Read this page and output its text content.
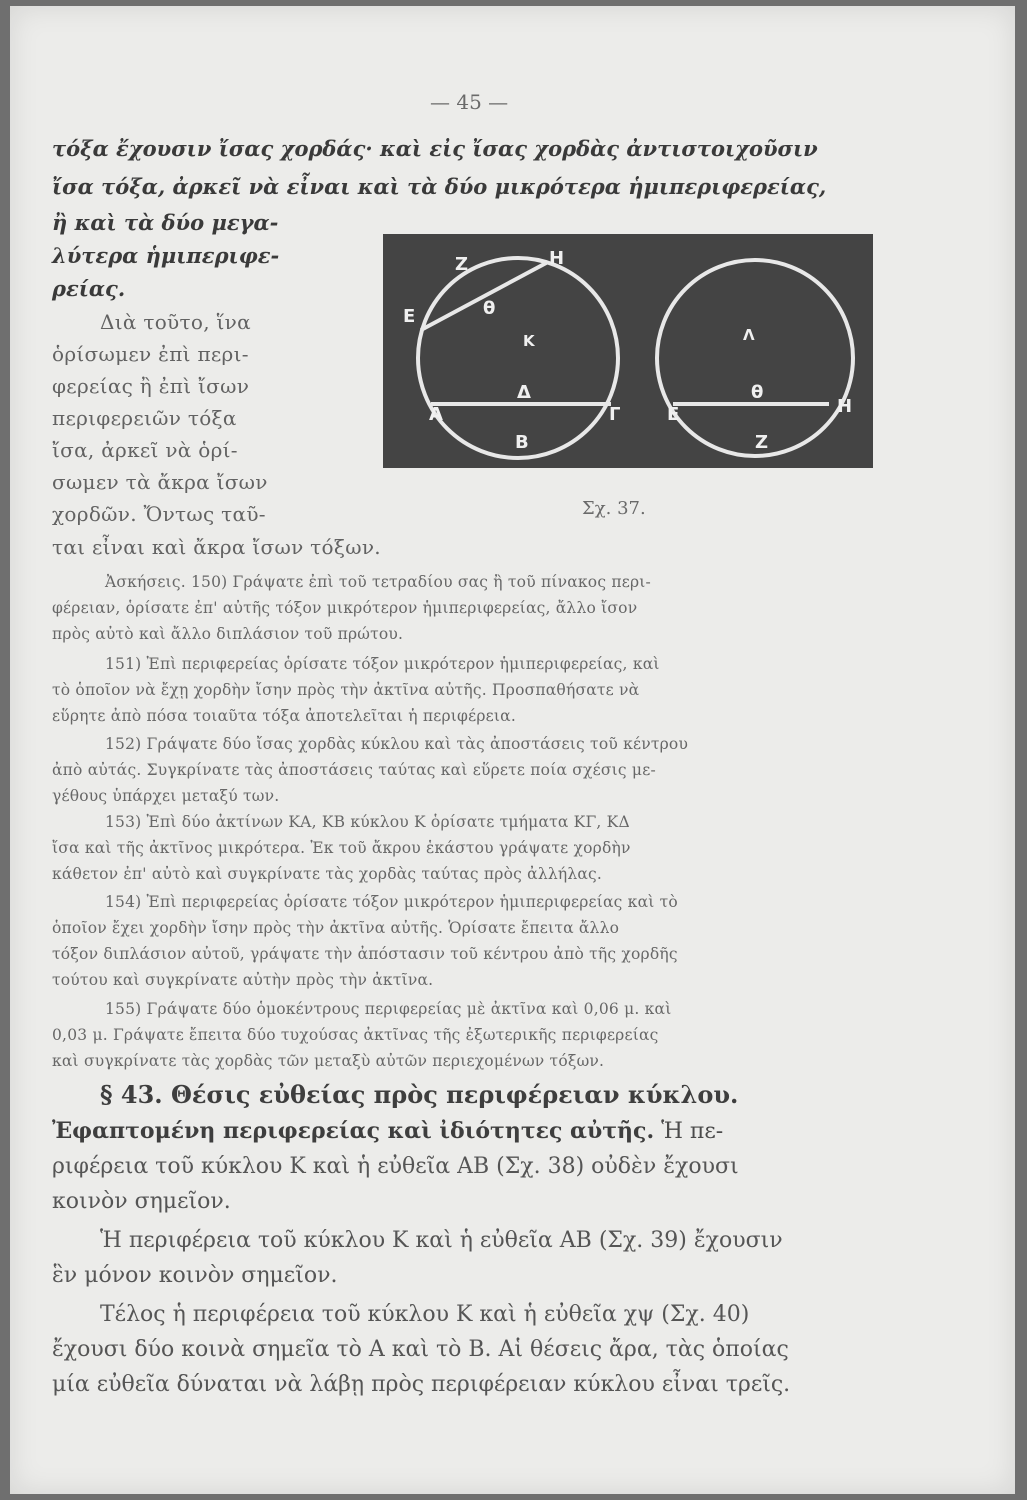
— 45 —
τόξα ἔχουσιν ἴσας χορδάς· καὶ εἰς ἴσας χορδὰς ἀντιστοιχοῦσιν
ἴσα τόξα, ἀρκεῖ νὰ εἶναι καὶ τὰ δύο μικρότερα ἡμιπεριφερείας,
ἢ καὶ τὰ δύο μεγα-
λύτερα ἡμιπεριφε-
ρείας.
Διὰ τοῦτο, ἵνα
ὁρίσωμεν ἐπὶ περι-
φερείας ἢ ἐπὶ ἴσων
περιφερειῶν τόξα
ἴσα, ἀρκεῖ νὰ ὁρί-
σωμεν τὰ ἄκρα ἴσων
χορδῶν. Ὄντως ταῦ-
ται εἶναι καὶ ἄκρα ἴσων τόξων.
Z	H
E	θ
K
Δ
A	Γ
B
Λ
E
θ
H
Z
Σχ. 37.
Ἀσκήσεις. 150) Γράψατε ἐπὶ τοῦ τετραδίου σας ἢ τοῦ πίνακος περι-
φέρειαν, ὁρίσατε ἐπ' αὐτῆς τόξον μικρότερον ἡμιπεριφερείας, ἄλλο ἴσον
πρὸς αὐτὸ καὶ ἄλλο διπλάσιον τοῦ πρώτου.
151) Ἐπὶ περιφερείας ὁρίσατε τόξον μικρότερον ἡμιπεριφερείας, καὶ
τὸ ὁποῖον νὰ ἔχῃ χορδὴν ἴσην πρὸς τὴν ἀκτῖνα αὐτῆς. Προσπαθήσατε νὰ
εὕρητε ἀπὸ πόσα τοιαῦτα τόξα ἀποτελεῖται ἡ περιφέρεια.
152) Γράψατε δύο ἴσας χορδὰς κύκλου καὶ τὰς ἀποστάσεις τοῦ κέντρου
ἀπὸ αὐτάς. Συγκρίνατε τὰς ἀποστάσεις ταύτας καὶ εὕρετε ποία σχέσις με-
γέθους ὑπάρχει μεταξύ των.
153) Ἐπὶ δύο ἀκτίνων ΚΑ, ΚΒ κύκλου Κ ὁρίσατε τμήματα ΚΓ, ΚΔ
ἴσα καὶ τῆς ἀκτῖνος μικρότερα. Ἐκ τοῦ ἄκρου ἑκάστου γράψατε χορδὴν
κάθετον ἐπ' αὐτὸ καὶ συγκρίνατε τὰς χορδὰς ταύτας πρὸς ἀλλήλας.
154) Ἐπὶ περιφερείας ὁρίσατε τόξον μικρότερον ἡμιπεριφερείας καὶ τὸ
ὁποῖον ἔχει χορδὴν ἴσην πρὸς τὴν ἀκτῖνα αὐτῆς. Ὁρίσατε ἔπειτα ἄλλο
τόξον διπλάσιον αὐτοῦ, γράψατε τὴν ἀπόστασιν τοῦ κέντρου ἀπὸ τῆς χορδῆς
τούτου καὶ συγκρίνατε αὐτὴν πρὸς τὴν ἀκτῖνα.
155) Γράψατε δύο ὁμοκέντρους περιφερείας μὲ ἀκτῖνα καὶ 0,06 μ. καὶ
0,03 μ. Γράψατε ἔπειτα δύο τυχούσας ἀκτῖνας τῆς ἐξωτερικῆς περιφερείας
καὶ συγκρίνατε τὰς χορδὰς τῶν μεταξὺ αὐτῶν περιεχομένων τόξων.
§ 43. Θέσις εὐθείας πρὸς περιφέρειαν κύκλου.
Ἐφαπτομένη περιφερείας καὶ ἰδιότητες αὐτῆς. Ἡ πε-
ριφέρεια τοῦ κύκλου Κ καὶ ἡ εὐθεῖα ΑΒ (Σχ. 38) οὐδὲν ἔχουσι
κοινὸν σημεῖον.
Ἡ περιφέρεια τοῦ κύκλου Κ καὶ ἡ εὐθεῖα ΑΒ (Σχ. 39) ἔχουσιν
ἓν μόνον κοινὸν σημεῖον.
Τέλος ἡ περιφέρεια τοῦ κύκλου Κ καὶ ἡ εὐθεῖα χψ (Σχ. 40)
ἔχουσι δύο κοινὰ σημεῖα τὸ Α καὶ τὸ Β. Αἱ θέσεις ἄρα, τὰς ὁποίας
μία εὐθεῖα δύναται νὰ λάβῃ πρὸς περιφέρειαν κύκλου εἶναι τρεῖς.
